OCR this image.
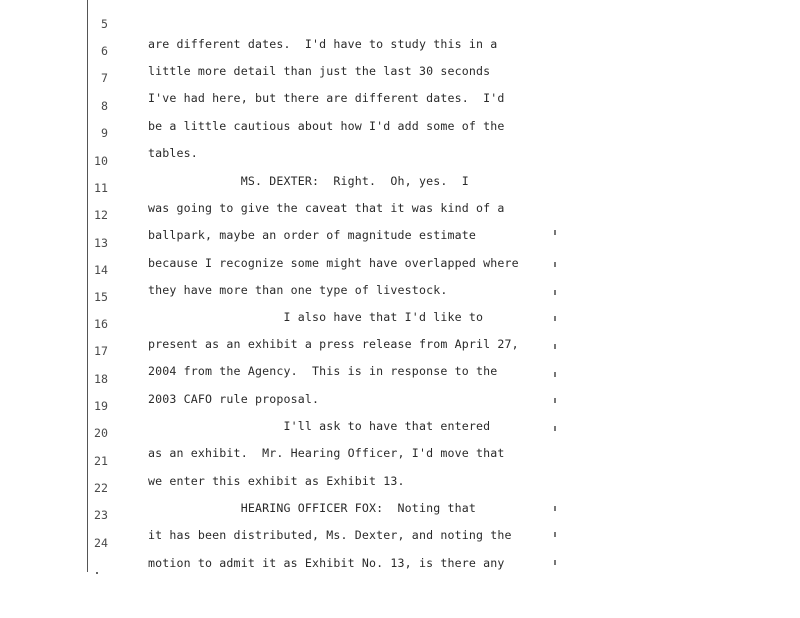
5

are different dates.  I'd have to study this in a

6

little more detail than just the last 30 seconds

7

I've had here, but there are different dates.  I'd

8

be a little cautious about how I'd add some of the

9

tables.

10

MS. DEXTER:  Right.  Oh, yes.  I

11

was going to give the caveat that it was kind of a

12

ballpark, maybe an order of magnitude estimate

13

because I recognize some might have overlapped where

14

they have more than one type of livestock.

15

I also have that I'd like to

16

present as an exhibit a press release from April 27,

17

2004 from the Agency.  This is in response to the

18

2003 CAFO rule proposal.

19

I'll ask to have that entered

20

as an exhibit.  Mr. Hearing Officer, I'd move that

21

we enter this exhibit as Exhibit 13.

22

HEARING OFFICER FOX:  Noting that

23

it has been distributed, Ms. Dexter, and noting the

24

motion to admit it as Exhibit No. 13, is there any
